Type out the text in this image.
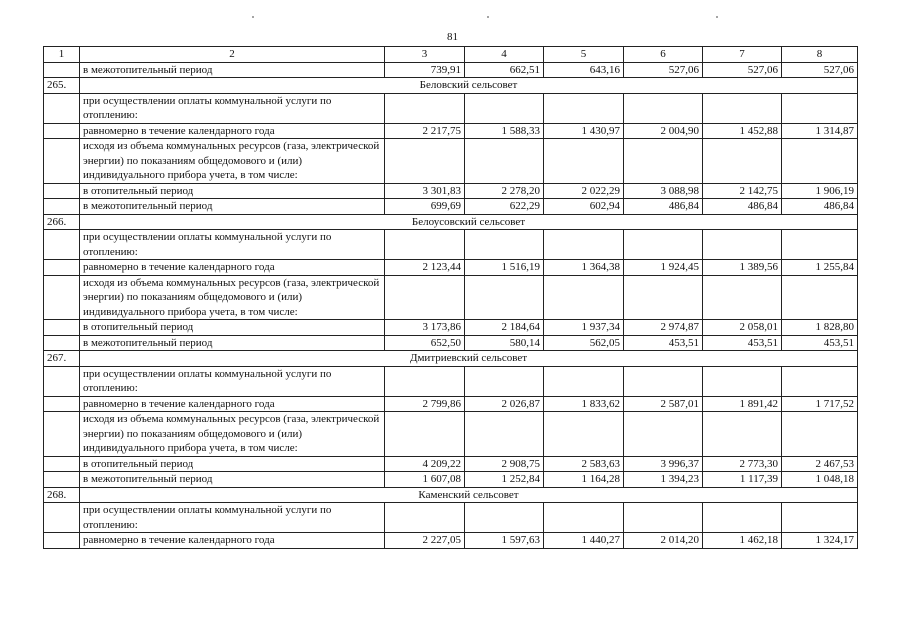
81
1	2	3	4	5	6	7	8
	в межотопительный период	739,91	662,51	643,16	527,06	527,06	527,06
265.	Беловский сельсовет						
	при осуществлении оплаты коммунальной услуги по отоплению:						
	равномерно в течение календарного года	2 217,75	1 588,33	1 430,97	2 004,90	1 452,88	1 314,87
	исходя из объема коммунальных ресурсов (газа, электрической энергии) по показаниям общедомового и (или) индивидуального прибора учета, в том числе:						
	в отопительный период	3 301,83	2 278,20	2 022,29	3 088,98	2 142,75	1 906,19
	в межотопительный период	699,69	622,29	602,94	486,84	486,84	486,84
266.	Белоусовский сельсовет						
	при осуществлении оплаты коммунальной услуги по отоплению:						
	равномерно в течение календарного года	2 123,44	1 516,19	1 364,38	1 924,45	1 389,56	1 255,84
	исходя из объема коммунальных ресурсов (газа, электрической энергии) по показаниям общедомового и (или) индивидуального прибора учета, в том числе:						
	в отопительный период	3 173,86	2 184,64	1 937,34	2 974,87	2 058,01	1 828,80
	в межотопительный период	652,50	580,14	562,05	453,51	453,51	453,51
267.	Дмитриевский сельсовет						
	при осуществлении оплаты коммунальной услуги по отоплению:						
	равномерно в течение календарного года	2 799,86	2 026,87	1 833,62	2 587,01	1 891,42	1 717,52
	исходя из объема коммунальных ресурсов (газа, электрической энергии) по показаниям общедомового и (или) индивидуального прибора учета, в том числе:						
	в отопительный период	4 209,22	2 908,75	2 583,63	3 996,37	2 773,30	2 467,53
	в межотопительный период	1 607,08	1 252,84	1 164,28	1 394,23	1 117,39	1 048,18
268.	Каменский сельсовет						
	при осуществлении оплаты коммунальной услуги по отоплению:						
	равномерно в течение календарного года	2 227,05	1 597,63	1 440,27	2 014,20	1 462,18	1 324,17
